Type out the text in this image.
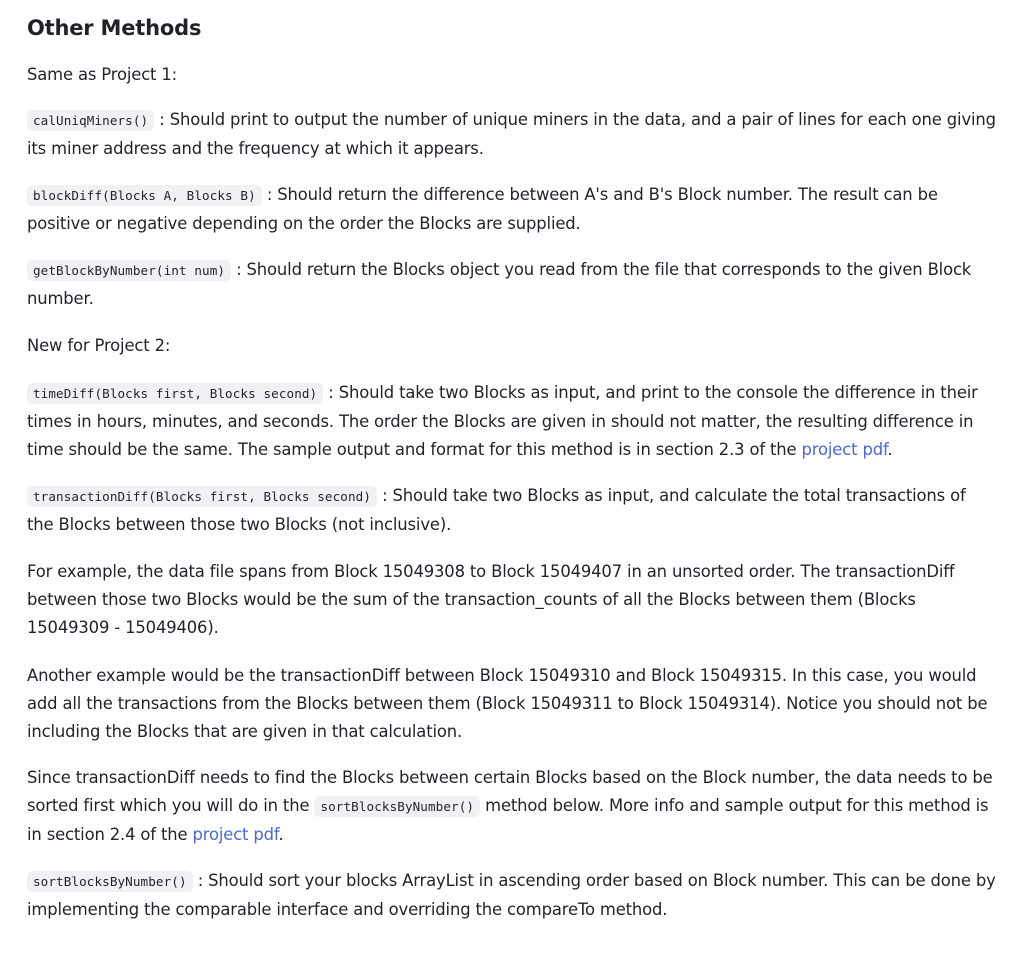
Other Methods

Same as Project 1:

calUniqMiners() : Should print to output the number of unique miners in the data, and a pair of lines for each one giving its miner address and the frequency at which it appears.

blockDiff(Blocks A, Blocks B) : Should return the difference between A's and B's Block number. The result can be positive or negative depending on the order the Blocks are supplied.

getBlockByNumber(int num) : Should return the Blocks object you read from the file that corresponds to the given Block number.

New for Project 2:

timeDiff(Blocks first, Blocks second) : Should take two Blocks as input, and print to the console the difference in their times in hours, minutes, and seconds. The order the Blocks are given in should not matter, the resulting difference in time should be the same. The sample output and format for this method is in section 2.3 of the project pdf.

transactionDiff(Blocks first, Blocks second) : Should take two Blocks as input, and calculate the total transactions of the Blocks between those two Blocks (not inclusive).

For example, the data file spans from Block 15049308 to Block 15049407 in an unsorted order. The transactionDiff between those two Blocks would be the sum of the transaction_counts of all the Blocks between them (Blocks 15049309 - 15049406).

Another example would be the transactionDiff between Block 15049310 and Block 15049315. In this case, you would add all the transactions from the Blocks between them (Block 15049311 to Block 15049314). Notice you should not be including the Blocks that are given in that calculation.

Since transactionDiff needs to find the Blocks between certain Blocks based on the Block number, the data needs to be sorted first which you will do in the sortBlocksByNumber() method below. More info and sample output for this method is in section 2.4 of the project pdf.

sortBlocksByNumber() : Should sort your blocks ArrayList in ascending order based on Block number. This can be done by implementing the comparable interface and overriding the compareTo method.
